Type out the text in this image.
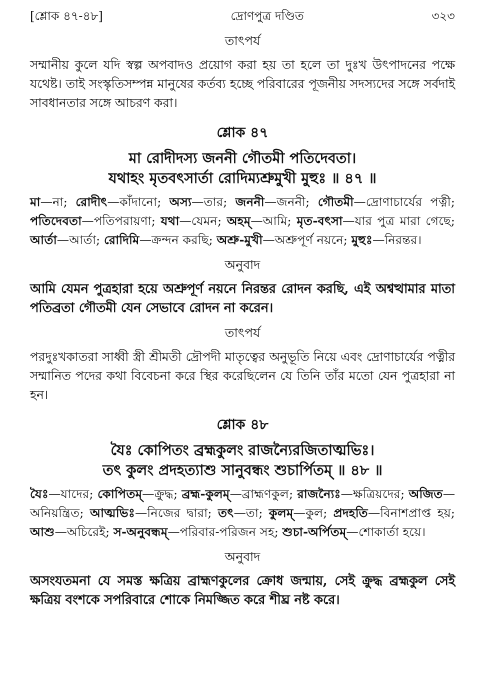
[শ্লোক ৪৭-৪৮]	দ্রোণপুত্র দণ্ডিত	৩২৩
তাৎপর্য

সম্মানীয় কুলে যদি স্বল্প অপবাদও প্রয়োগ করা হয় তা হলে তা দুঃখ উৎপাদনের পক্ষে যথেষ্ট। তাই সংস্কৃতিসম্পন্ন মানুষের কর্তব্য হচ্ছে পরিবারের পূজনীয় সদস্যদের সঙ্গে সর্বদাই সাবধানতার সঙ্গে আচরণ করা।

শ্লোক ৪৭
মা রোদীদস্য জননী গৌতমী পতিদেবতা।
যথাহং মৃতবৎসার্তা রোদিম্যশ্রুমুখী মুহুঃ ॥ ৪৭ ॥

মা—না; রোদীৎ—কাঁদানো; অস্য—তার; জননী—জননী; গৌতমী—দ্রোণাচার্যের পত্নী; পতিদেবতা—পতিপরায়ণা; যথা—যেমন; অহম্—আমি; মৃত-বৎসা—যার পুত্র মারা গেছে; আর্তা—আর্তা; রোদিমি—ক্রন্দন করছি; অশ্রু-মুখী—অশ্রুপূর্ণ নয়নে; মুহুঃ—নিরন্তর।

অনুবাদ

আমি যেমন পুত্রহারা হয়ে অশ্রুপূর্ণ নয়নে নিরন্তর রোদন করছি, এই অশ্বত্থামার মাতা পতিব্রতা গৌতমী যেন সেভাবে রোদন না করেন।

তাৎপর্য

পরদুঃখকাতরা সাধ্বী স্ত্রী শ্রীমতী দ্রৌপদী মাতৃত্বের অনুভূতি নিয়ে এবং দ্রোণাচার্যের পত্নীর সম্মানিত পদের কথা বিবেচনা করে স্থির করেছিলেন যে তিনি তাঁর মতো যেন পুত্রহারা না হন।

শ্লোক ৪৮
যৈঃ কোপিতং ব্রহ্মকুলং রাজন্যৈরজিতাত্মভিঃ।
তৎ কুলং প্রদহত্যাশু সানুবন্ধং শুচার্পিতম্ ॥ ৪৮ ॥

যৈঃ—যাদের; কোপিতম্—ক্রুদ্ধ; ব্রহ্ম-কুলম্—ব্রাহ্মণকুল; রাজন্যৈঃ—ক্ষত্রিয়দের; অজিত—অনিয়ন্ত্রিত; আত্মভিঃ—নিজের দ্বারা; তৎ—তা; কুলম্—কুল; প্রদহতি—বিনাশপ্রাপ্ত হয়; আশু—অচিরেই; স-অনুবন্ধম্—পরিবার-পরিজন সহ; শুচা-অর্পিতম্—শোকার্তা হয়ে।

অনুবাদ

অসংযতমনা যে সমস্ত ক্ষত্রিয় ব্রাহ্মণকুলের ক্রোধ জন্মায়, সেই ক্রুদ্ধ ব্রহ্মকুল সেই ক্ষত্রিয় বংশকে সপরিবারে শোকে নিমজ্জিত করে শীঘ্র নষ্ট করে।
